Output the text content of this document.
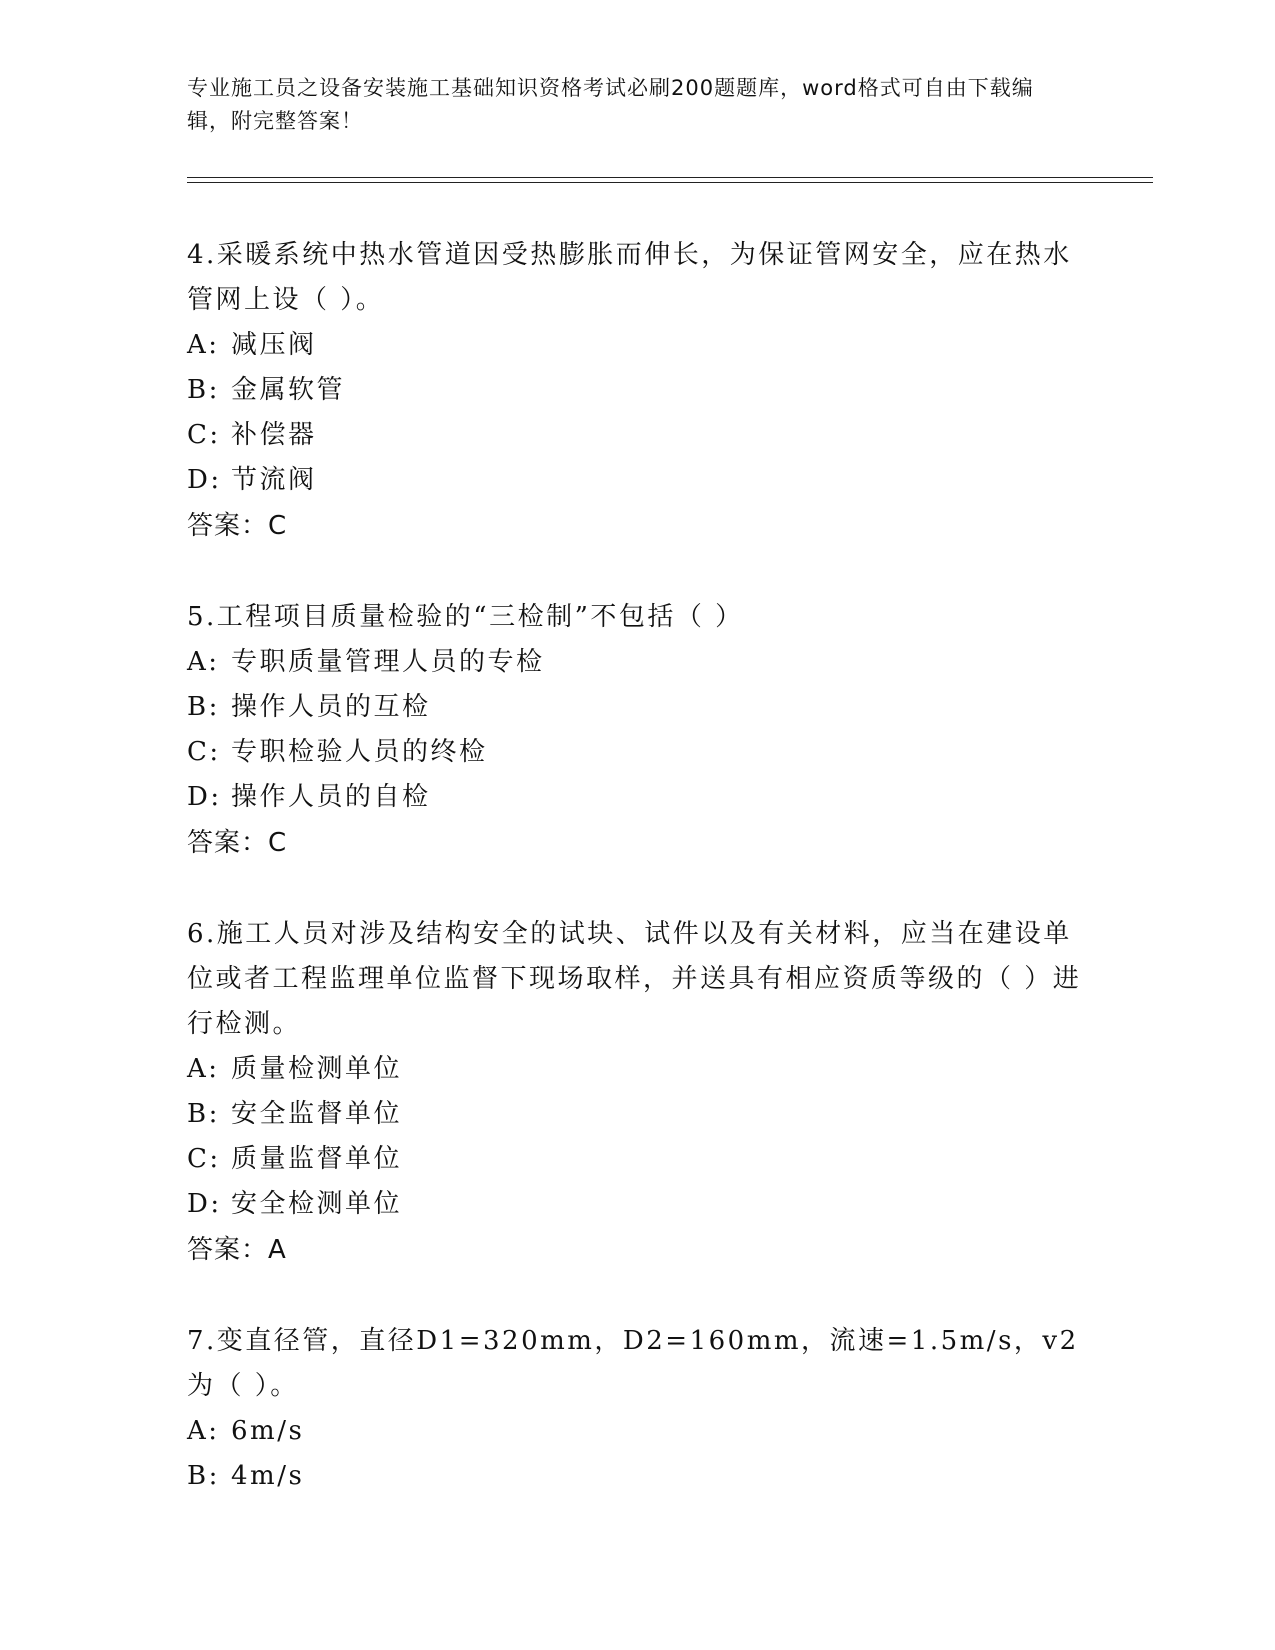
专业施工员之设备安装施工基础知识资格考试必刷200题题库，word格式可自由下载编辑，附完整答案！

4.采暖系统中热水管道因受热膨胀而伸长，为保证管网安全，应在热水管网上设（ ）。

A: 减压阀

B: 金属软管

C: 补偿器

D: 节流阀

答案：C

5.工程项目质量检验的“三检制”不包括（ ）

A: 专职质量管理人员的专检

B: 操作人员的互检

C: 专职检验人员的终检

D: 操作人员的自检

答案：C

6.施工人员对涉及结构安全的试块、试件以及有关材料，应当在建设单位或者工程监理单位监督下现场取样，并送具有相应资质等级的（ ）进行检测。

A: 质量检测单位

B: 安全监督单位

C: 质量监督单位

D: 安全检测单位

答案：A

7.变直径管，直径D1=320mm，D2=160mm，流速=1.5m/s，v2为（ ）。

A: 6m/s

B: 4m/s
